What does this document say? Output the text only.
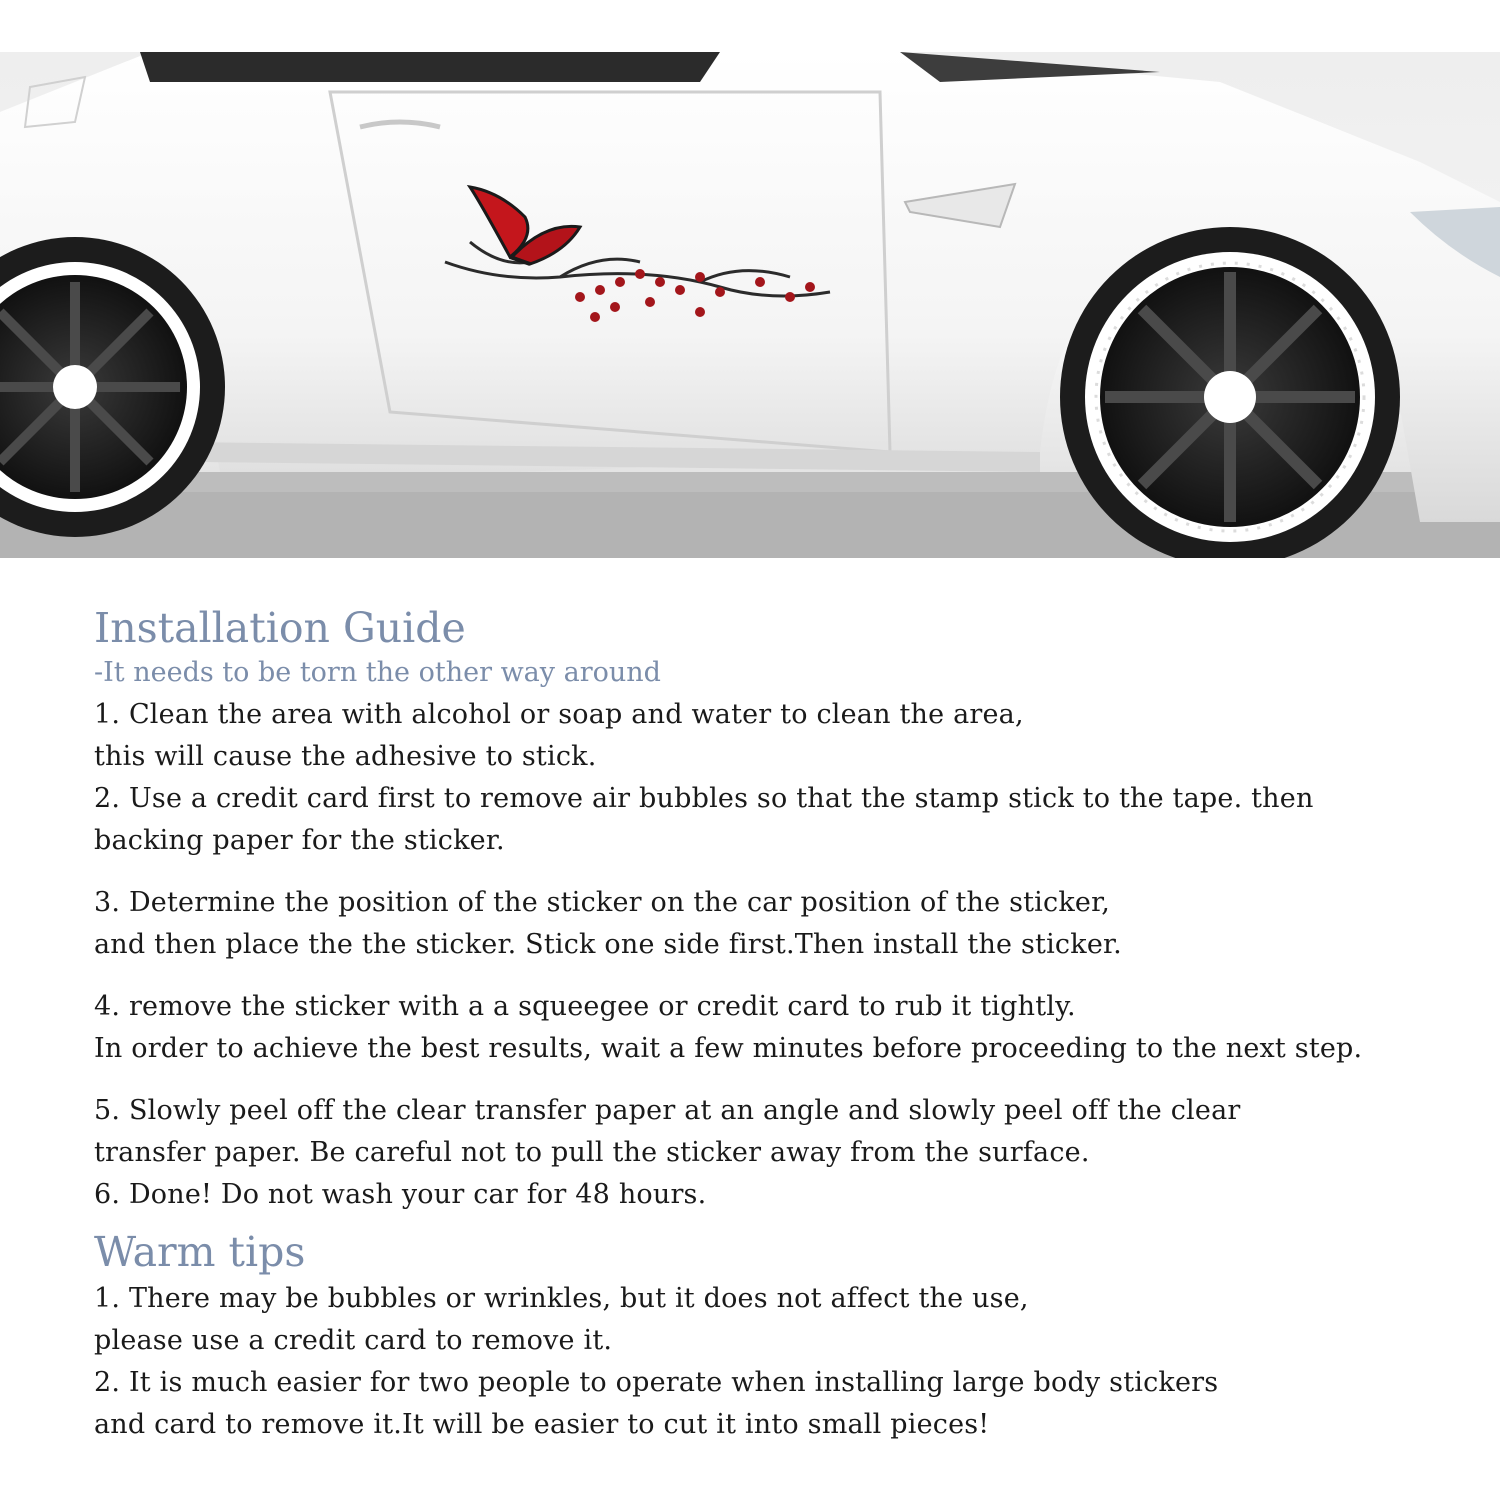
Installation Guide

-It needs to be torn the other way around

1. Clean the area with alcohol or soap and water to clean the area,
this will cause the adhesive to stick.

2. Use a credit card first to remove air bubbles so that the stamp stick to the tape. then
backing paper for the sticker.

3. Determine the position of the sticker on the car position of the sticker,
and then place the the sticker. Stick one side first.Then install the sticker.

4. remove the sticker with a a squeegee or credit card to rub it tightly.
In order to achieve the best results, wait a few minutes before proceeding to the next step.

5. Slowly peel off the clear transfer paper at an angle and slowly peel off the clear
transfer paper. Be careful not to pull the sticker away from the surface.

6. Done! Do not wash your car for 48 hours.

Warm tips

1. There may be bubbles or wrinkles, but it does not affect the use,
please use a credit card to remove it.

2. It is much easier for two people to operate when installing large body stickers
and card to remove it.It will be easier to cut it into small pieces!
